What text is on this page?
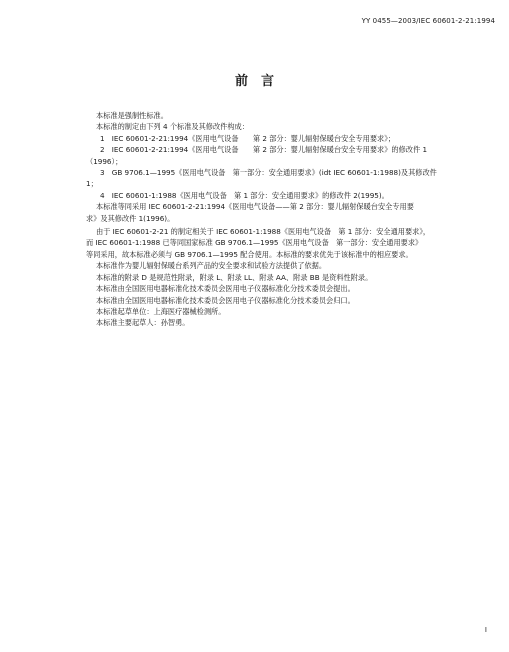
YY 0455—2003/IEC 60601-2-21:1994
前　言

本标准是强制性标准。

本标准的制定由下列 4 个标准及其修改件构成：

1　IEC 60601-2-21:1994《医用电气设备　　第 2 部分：婴儿辐射保暖台安全专用要求》；

2　IEC 60601-2-21:1994《医用电气设备　　第 2 部分：婴儿辐射保暖台安全专用要求》的修改件 1

（1996）；

3　GB 9706.1—1995《医用电气设备　第一部分：安全通用要求》(idt IEC 60601-1:1988)及其修改件

1；

4　IEC 60601-1:1988《医用电气设备　第 1 部分：安全通用要求》的修改件 2(1995)。

本标准等同采用 IEC 60601-2-21:1994《医用电气设备——第 2 部分：婴儿辐射保暖台安全专用要

求》及其修改件 1(1996)。

由于 IEC 60601-2-21 的制定相关于 IEC 60601-1:1988《医用电气设备　第 1 部分：安全通用要求》，

而 IEC 60601-1:1988 已等同国家标准 GB 9706.1—1995《医用电气设备　第一部分：安全通用要求》

等同采用，故本标准必须与 GB 9706.1—1995 配合使用。本标准的要求优先于该标准中的相应要求。

本标准作为婴儿辐射保暖台系列产品的安全要求和试验方法提供了依据。

本标准的附录 D 是规范性附录，附录 L、附录 LL、附录 AA、附录 BB 是资料性附录。

本标准由全国医用电器标准化技术委员会医用电子仪器标准化分技术委员会提出。

本标准由全国医用电器标准化技术委员会医用电子仪器标准化分技术委员会归口。

本标准起草单位：上海医疗器械检测所。

本标准主要起草人：孙智勇。

I
